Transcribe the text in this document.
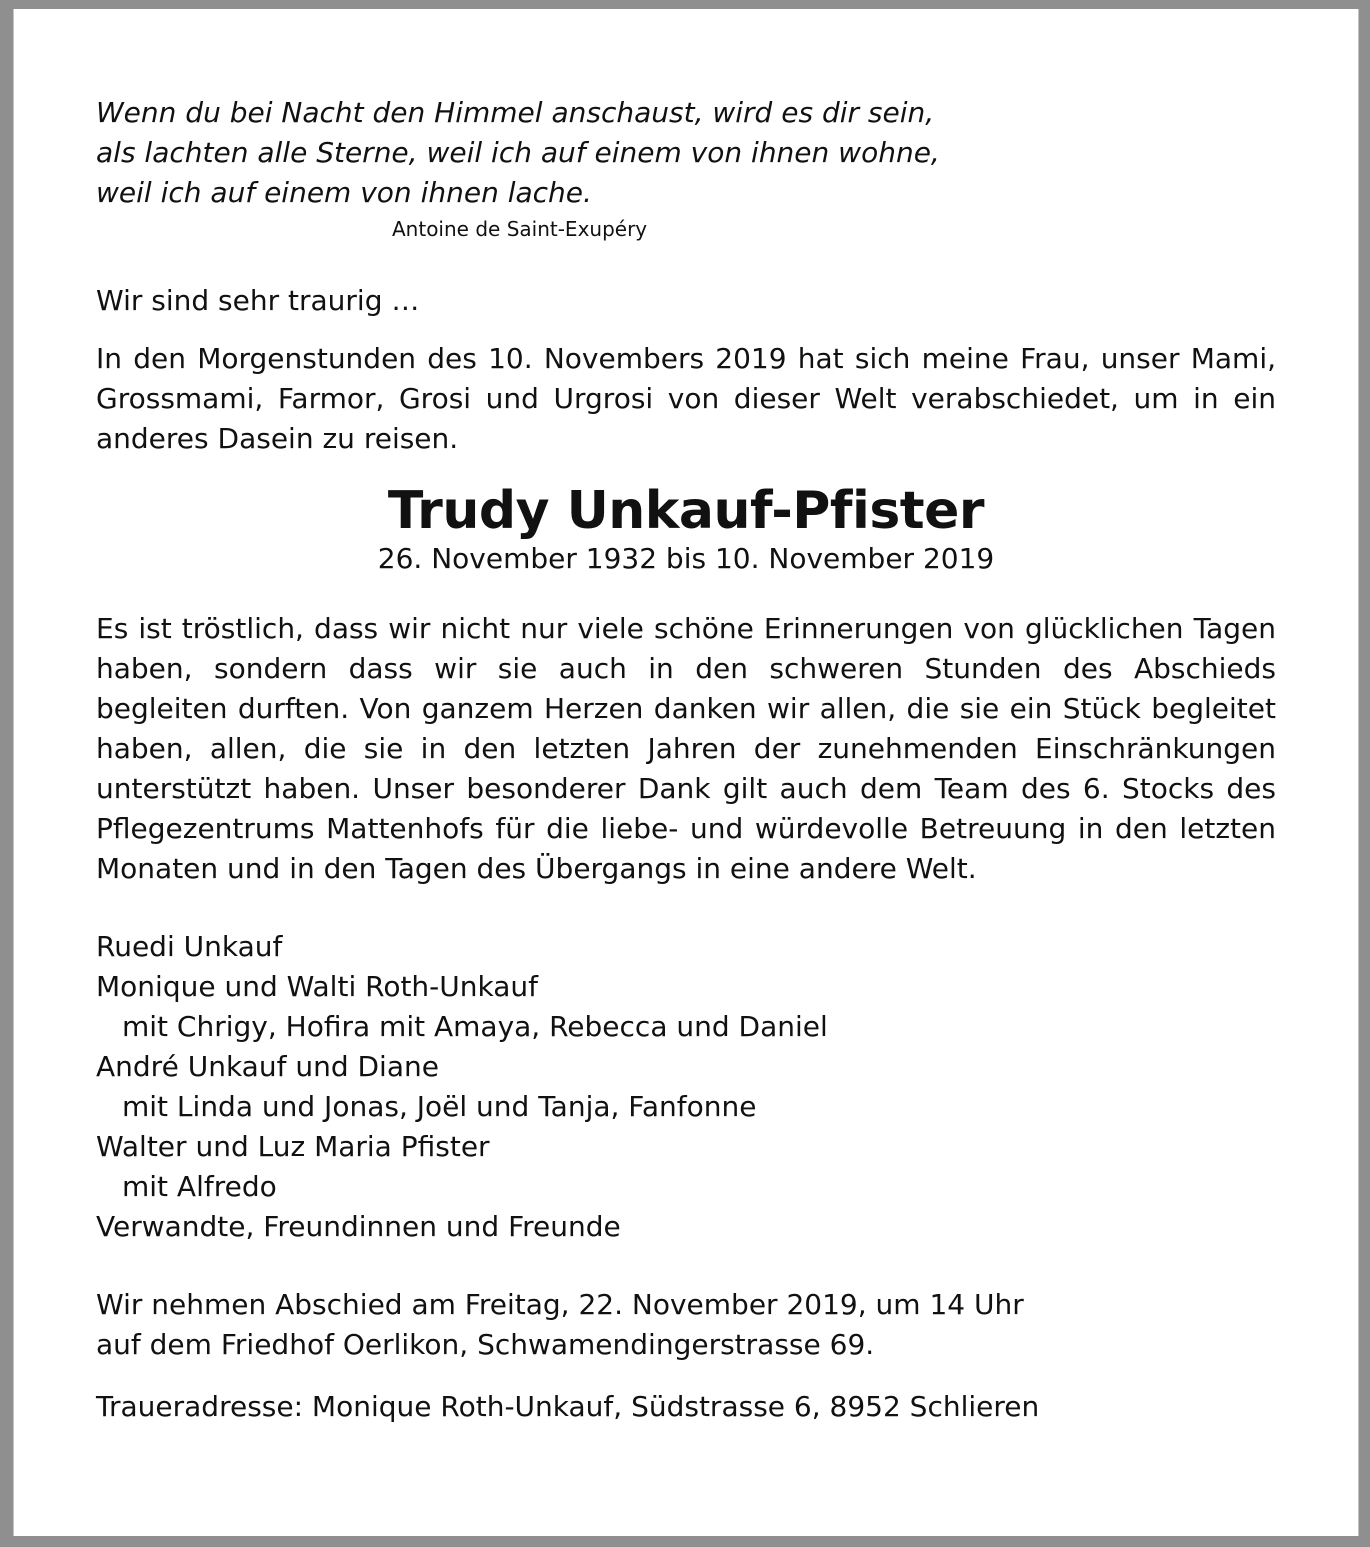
Wenn du bei Nacht den Himmel anschaust, wird es dir sein,
als lachten alle Sterne, weil ich auf einem von ihnen wohne,
weil ich auf einem von ihnen lache.

Antoine de Saint-Exupéry

Wir sind sehr traurig …

In den Morgenstunden des 10. Novembers 2019 hat sich meine Frau, unser Mami, Grossmami, Farmor, Grosi und Urgrosi von dieser Welt verabschiedet, um in ein anderes Dasein zu reisen.

Trudy Unkauf-Pfister

26. November 1932 bis 10. November 2019

Es ist tröstlich, dass wir nicht nur viele schöne Erinnerungen von glücklichen Tagen haben, sondern dass wir sie auch in den schweren Stunden des Abschieds begleiten durften. Von ganzem Herzen danken wir allen, die sie ein Stück begleitet haben, allen, die sie in den letzten Jahren der zunehmenden Einschränkungen unterstützt haben. Unser besonderer Dank gilt auch dem Team des 6. Stocks des Pflegezentrums Mattenhofs für die liebe- und würdevolle Betreuung in den letzten Monaten und in den Tagen des Übergangs in eine andere Welt.

Ruedi Unkauf
Monique und Walti Roth-Unkauf
mit Chrigy, Hofira mit Amaya, Rebecca und Daniel
André Unkauf und Diane
mit Linda und Jonas, Joël und Tanja, Fanfonne
Walter und Luz Maria Pfister
mit Alfredo
Verwandte, Freundinnen und Freunde
Wir nehmen Abschied am Freitag, 22. November 2019, um 14 Uhr
auf dem Friedhof Oerlikon, Schwamendingerstrasse 69.

Traueradresse: Monique Roth-Unkauf, Südstrasse 6, 8952 Schlieren
